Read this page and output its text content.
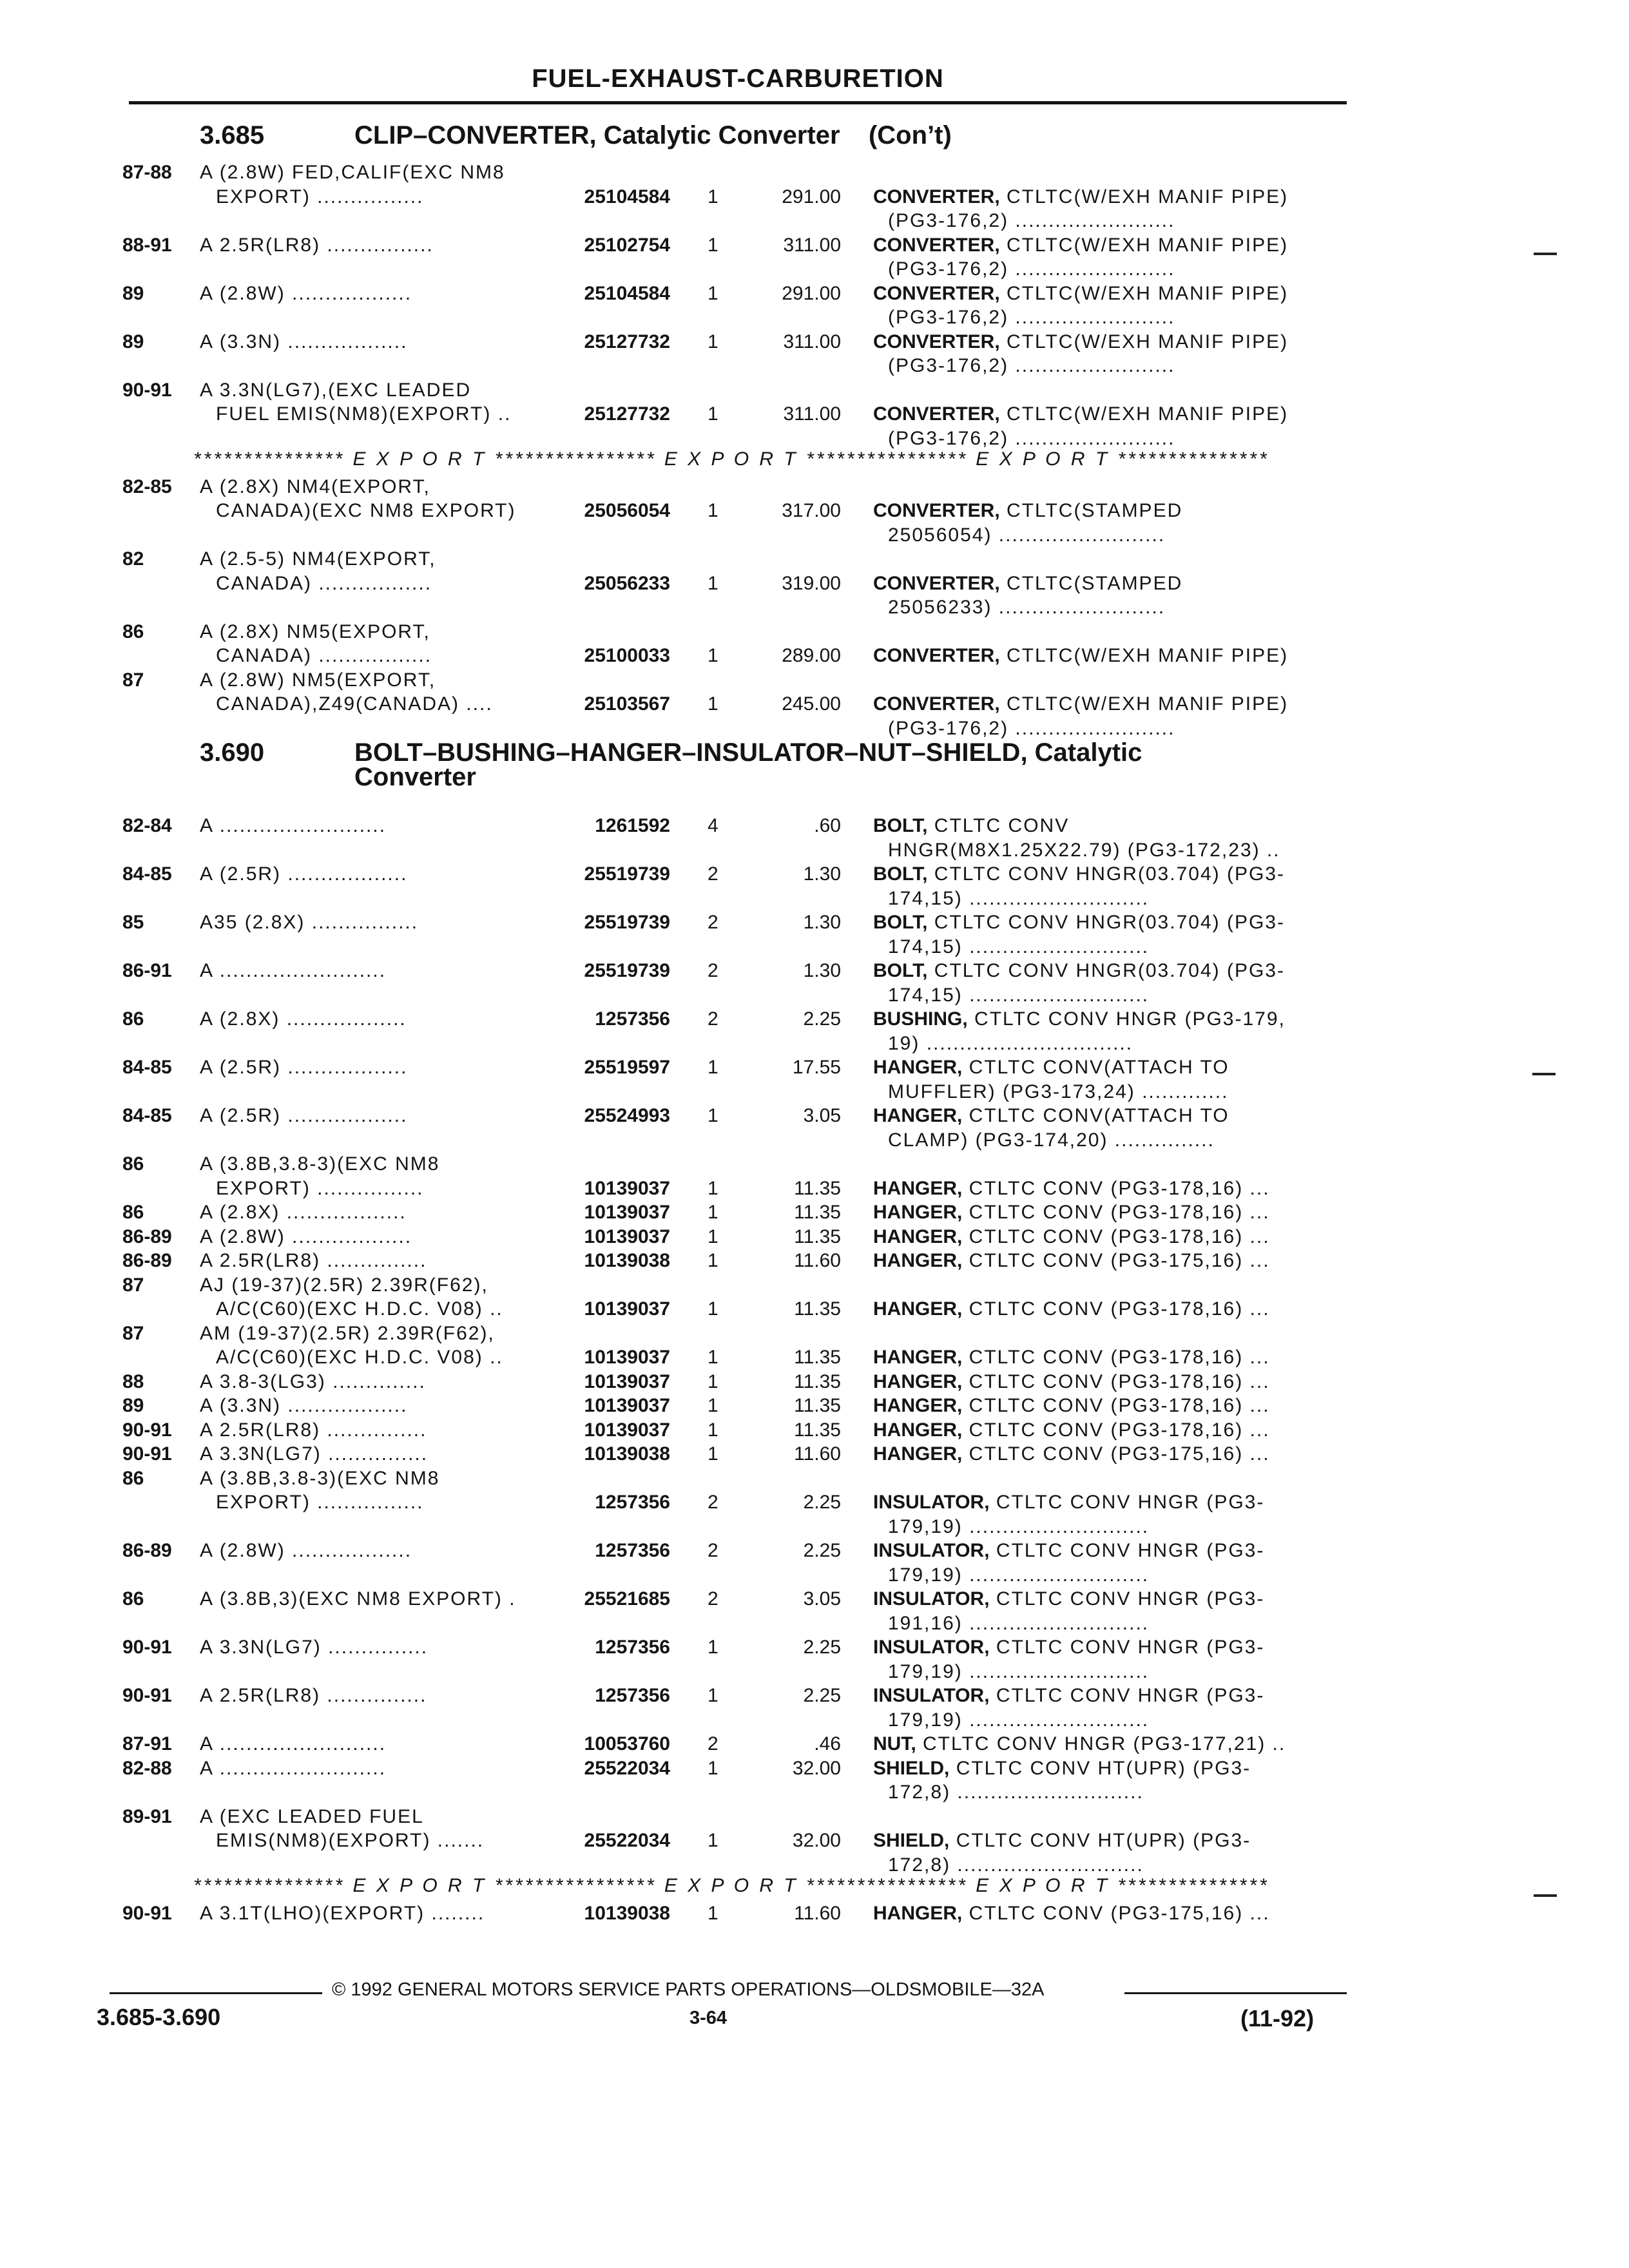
FUEL-EXHAUST-CARBURETION
3.685	CLIP–CONVERTER, Catalytic Converter    (Con’t)
87-88 A (2.8W) FED,CALIF(EXC NM8
EXPORT) ................	25104584 1	291.00 CONVERTER, CTLTC(W/EXH MANIF PIPE)
(PG3-176,2) ........................
88-91 A 2.5R(LR8) ................	25102754 1	311.00 CONVERTER, CTLTC(W/EXH MANIF PIPE)
(PG3-176,2) ........................
89	A (2.8W) ..................	25104584 1	291.00 CONVERTER, CTLTC(W/EXH MANIF PIPE)
(PG3-176,2) ........................
89	A (3.3N) ..................	25127732 1	311.00 CONVERTER, CTLTC(W/EXH MANIF PIPE)
(PG3-176,2) ........................
90-91 A 3.3N(LG7),(EXC LEADED
FUEL EMIS(NM8)(EXPORT) ..	25127732 1	311.00 CONVERTER, CTLTC(W/EXH MANIF PIPE)
(PG3-176,2) ........................
*************** E X P O R T **************** E X P O R T **************** E X P O R T ***************
82-85 A (2.8X) NM4(EXPORT,
CANADA)(EXC NM8 EXPORT)	25056054 1	317.00 CONVERTER, CTLTC(STAMPED
25056054) .........................
82	A (2.5-5) NM4(EXPORT,
CANADA) .................	25056233 1	319.00 CONVERTER, CTLTC(STAMPED
25056233) .........................
86	A (2.8X) NM5(EXPORT,
CANADA) .................	25100033 1	289.00 CONVERTER, CTLTC(W/EXH MANIF PIPE)
87	A (2.8W) NM5(EXPORT,
CANADA),Z49(CANADA) ....	25103567 1	245.00 CONVERTER, CTLTC(W/EXH MANIF PIPE)
(PG3-176,2) ........................
3.690	BOLT–BUSHING–HANGER–INSULATOR–NUT–SHIELD, Catalytic
Converter
82-84 A .........................	1261592 4	.60 BOLT, CTLTC CONV
HNGR(M8X1.25X22.79) (PG3-172,23) ..
84-85 A (2.5R) ..................	25519739 2	1.30 BOLT, CTLTC CONV HNGR(03.704) (PG3-
174,15) ...........................
85	A35 (2.8X) ................	25519739 2	1.30 BOLT, CTLTC CONV HNGR(03.704) (PG3-
174,15) ...........................
86-91 A .........................	25519739 2	1.30 BOLT, CTLTC CONV HNGR(03.704) (PG3-
174,15) ...........................
86	A (2.8X) ..................	1257356 2	2.25 BUSHING, CTLTC CONV HNGR (PG3-179,
19) ...............................
84-85 A (2.5R) ..................	25519597 1	17.55 HANGER, CTLTC CONV(ATTACH TO
MUFFLER) (PG3-173,24) .............
84-85 A (2.5R) ..................	25524993 1	3.05 HANGER, CTLTC CONV(ATTACH TO
CLAMP) (PG3-174,20) ...............
86	A (3.8B,3.8-3)(EXC NM8
EXPORT) ................	10139037 1	11.35 HANGER, CTLTC CONV (PG3-178,16) ...
86	A (2.8X) ..................	10139037 1	11.35 HANGER, CTLTC CONV (PG3-178,16) ...
86-89 A (2.8W) ..................	10139037 1	11.35 HANGER, CTLTC CONV (PG3-178,16) ...
86-89 A 2.5R(LR8) ...............	10139038 1	11.60 HANGER, CTLTC CONV (PG3-175,16) ...
87	AJ (19-37)(2.5R) 2.39R(F62),
A/C(C60)(EXC H.D.C. V08) ..	10139037 1	11.35 HANGER, CTLTC CONV (PG3-178,16) ...
87	AM (19-37)(2.5R) 2.39R(F62),
A/C(C60)(EXC H.D.C. V08) ..	10139037 1	11.35 HANGER, CTLTC CONV (PG3-178,16) ...
88	A 3.8-3(LG3) ..............	10139037 1	11.35 HANGER, CTLTC CONV (PG3-178,16) ...
89	A (3.3N) ..................	10139037 1	11.35 HANGER, CTLTC CONV (PG3-178,16) ...
90-91 A 2.5R(LR8) ...............	10139037 1	11.35 HANGER, CTLTC CONV (PG3-178,16) ...
90-91 A 3.3N(LG7) ...............	10139038 1	11.60 HANGER, CTLTC CONV (PG3-175,16) ...
86	A (3.8B,3.8-3)(EXC NM8
EXPORT) ................	1257356 2	2.25 INSULATOR, CTLTC CONV HNGR (PG3-
179,19) ...........................
86-89 A (2.8W) ..................	1257356 2	2.25 INSULATOR, CTLTC CONV HNGR (PG3-
179,19) ...........................
86	A (3.8B,3)(EXC NM8 EXPORT) .	25521685 2	3.05 INSULATOR, CTLTC CONV HNGR (PG3-
191,16) ...........................
90-91 A 3.3N(LG7) ...............	1257356 1	2.25 INSULATOR, CTLTC CONV HNGR (PG3-
179,19) ...........................
90-91 A 2.5R(LR8) ...............	1257356 1	2.25 INSULATOR, CTLTC CONV HNGR (PG3-
179,19) ...........................
87-91 A .........................	10053760 2	.46 NUT, CTLTC CONV HNGR (PG3-177,21) ..
82-88 A .........................	25522034 1	32.00 SHIELD, CTLTC CONV HT(UPR) (PG3-
172,8) ............................
89-91 A (EXC LEADED FUEL
EMIS(NM8)(EXPORT) .......	25522034 1	32.00 SHIELD, CTLTC CONV HT(UPR) (PG3-
172,8) ............................
*************** E X P O R T **************** E X P O R T **************** E X P O R T ***************
90-91 A 3.1T(LHO)(EXPORT) ........	10139038 1	11.60 HANGER, CTLTC CONV (PG3-175,16) ...
© 1992 GENERAL MOTORS SERVICE PARTS OPERATIONS—OLDSMOBILE—32A
3.685-3.690	3-64	(11-92)
